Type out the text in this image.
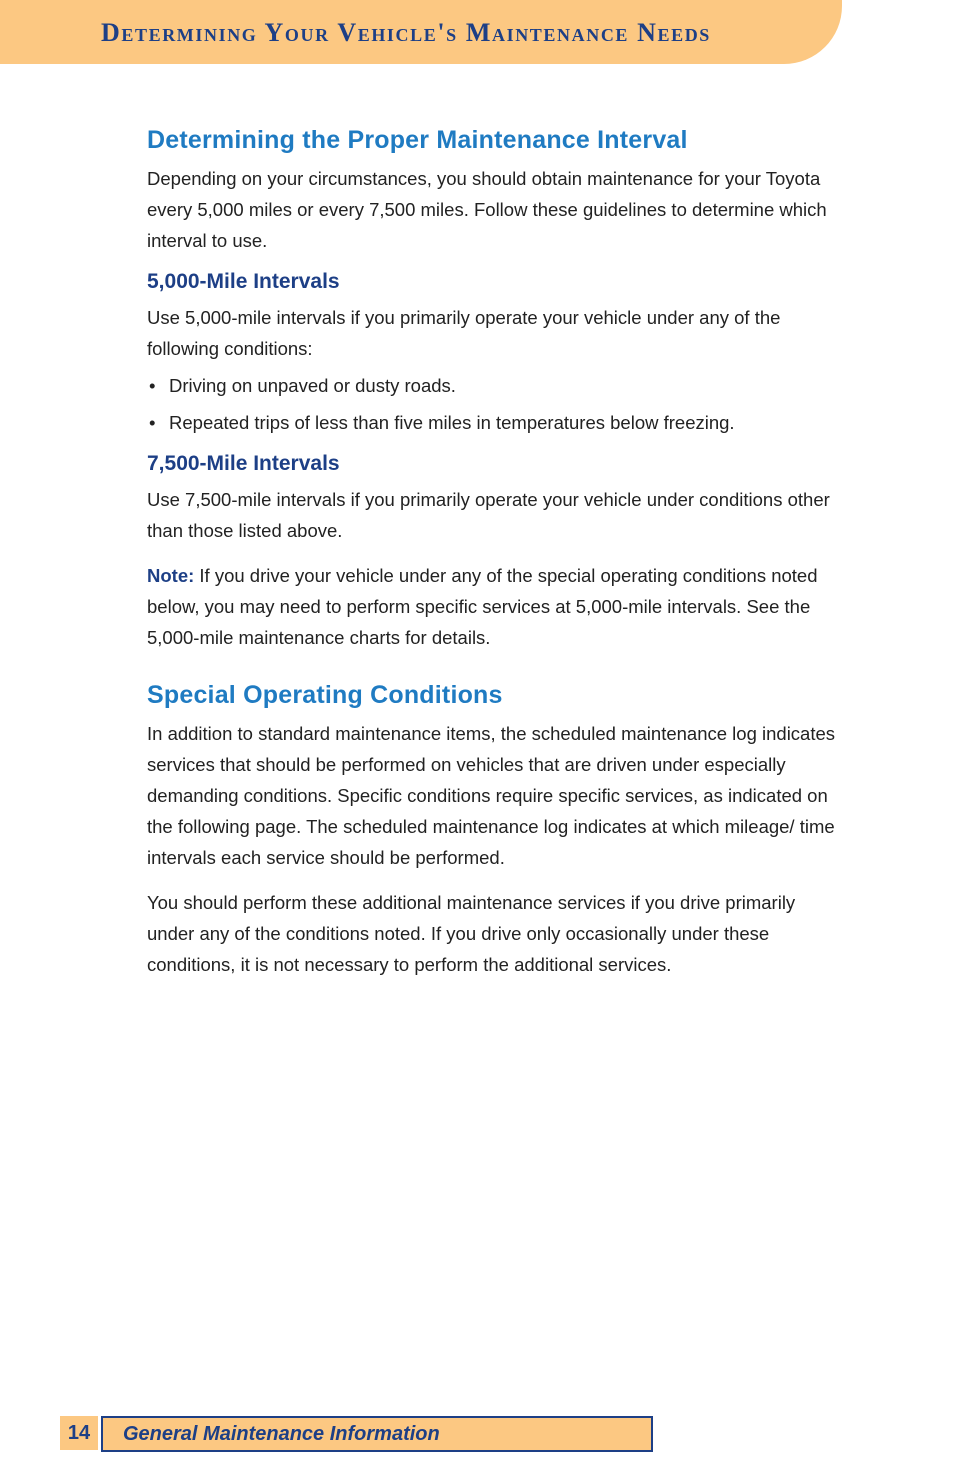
Determining Your Vehicle's Maintenance Needs
Determining the Proper Maintenance Interval

Depending on your circumstances, you should obtain maintenance for your Toyota every 5,000 miles or every 7,500 miles. Follow these guidelines to determine which interval to use.

5,000-Mile Intervals

Use 5,000-mile intervals if you primarily operate your vehicle under any of the following conditions:

• Driving on unpaved or dusty roads.
• Repeated trips of less than five miles in temperatures below freezing.
7,500-Mile Intervals

Use 7,500-mile intervals if you primarily operate your vehicle under conditions other than those listed above.

Note: If you drive your vehicle under any of the special operating conditions noted below, you may need to perform specific services at 5,000-mile intervals. See the 5,000-mile maintenance charts for details.

Special Operating Conditions

In addition to standard maintenance items, the scheduled maintenance log indicates services that should be performed on vehicles that are driven under especially demanding conditions. Specific conditions require specific services, as indicated on the following page. The scheduled maintenance log indicates at which mileage/ time intervals each service should be performed.

You should perform these additional maintenance services if you drive primarily under any of the conditions noted. If you drive only occasionally under these conditions, it is not necessary to perform the additional services.

14	General Maintenance Information
